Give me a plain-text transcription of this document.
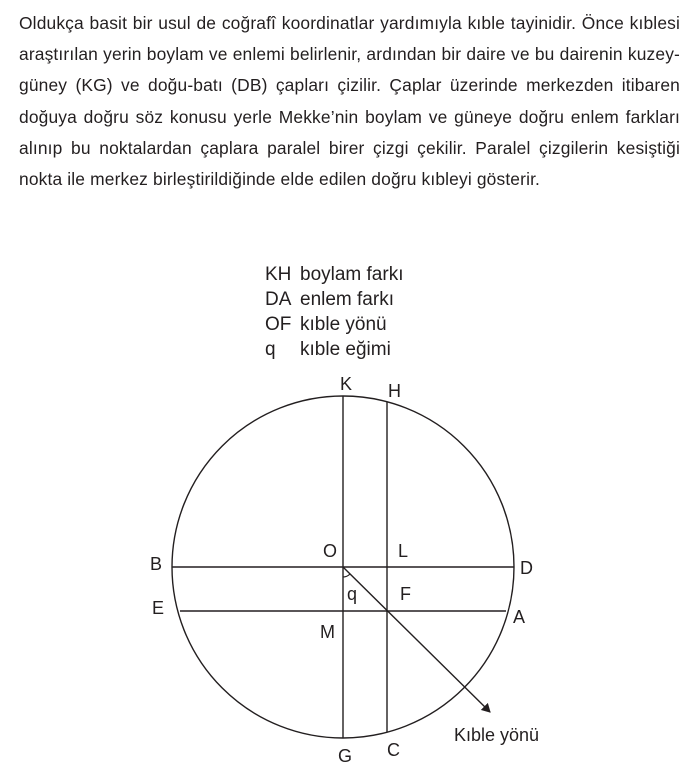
Oldukça basit bir usul de coğrafî koordinatlar yardımıyla kıble tayinidir. Önce kıblesi araştırılan yerin boylam ve enlemi belirlenir, ardından bir daire ve bu dairenin kuzey-güney (KG) ve doğu-batı (DB) çapları çizilir. Çaplar üzerinde merkezden itibaren doğuya doğru söz konusu yerle Mekke’nin boylam ve güneye doğru enlem farkları alınıp bu noktalardan çaplara paralel birer çizgi çekilir. Paralel çizgilerin kesiştiği nokta ile merkez birleştirildiğinde elde edilen doğru kıbleyi gösterir.

KH boylam farkı
DA enlem farkı
OF kıble yönü
q	kıble eğimi
K H
B	D
E	A
G C
O	L
F
M
q
Kıble yönü
